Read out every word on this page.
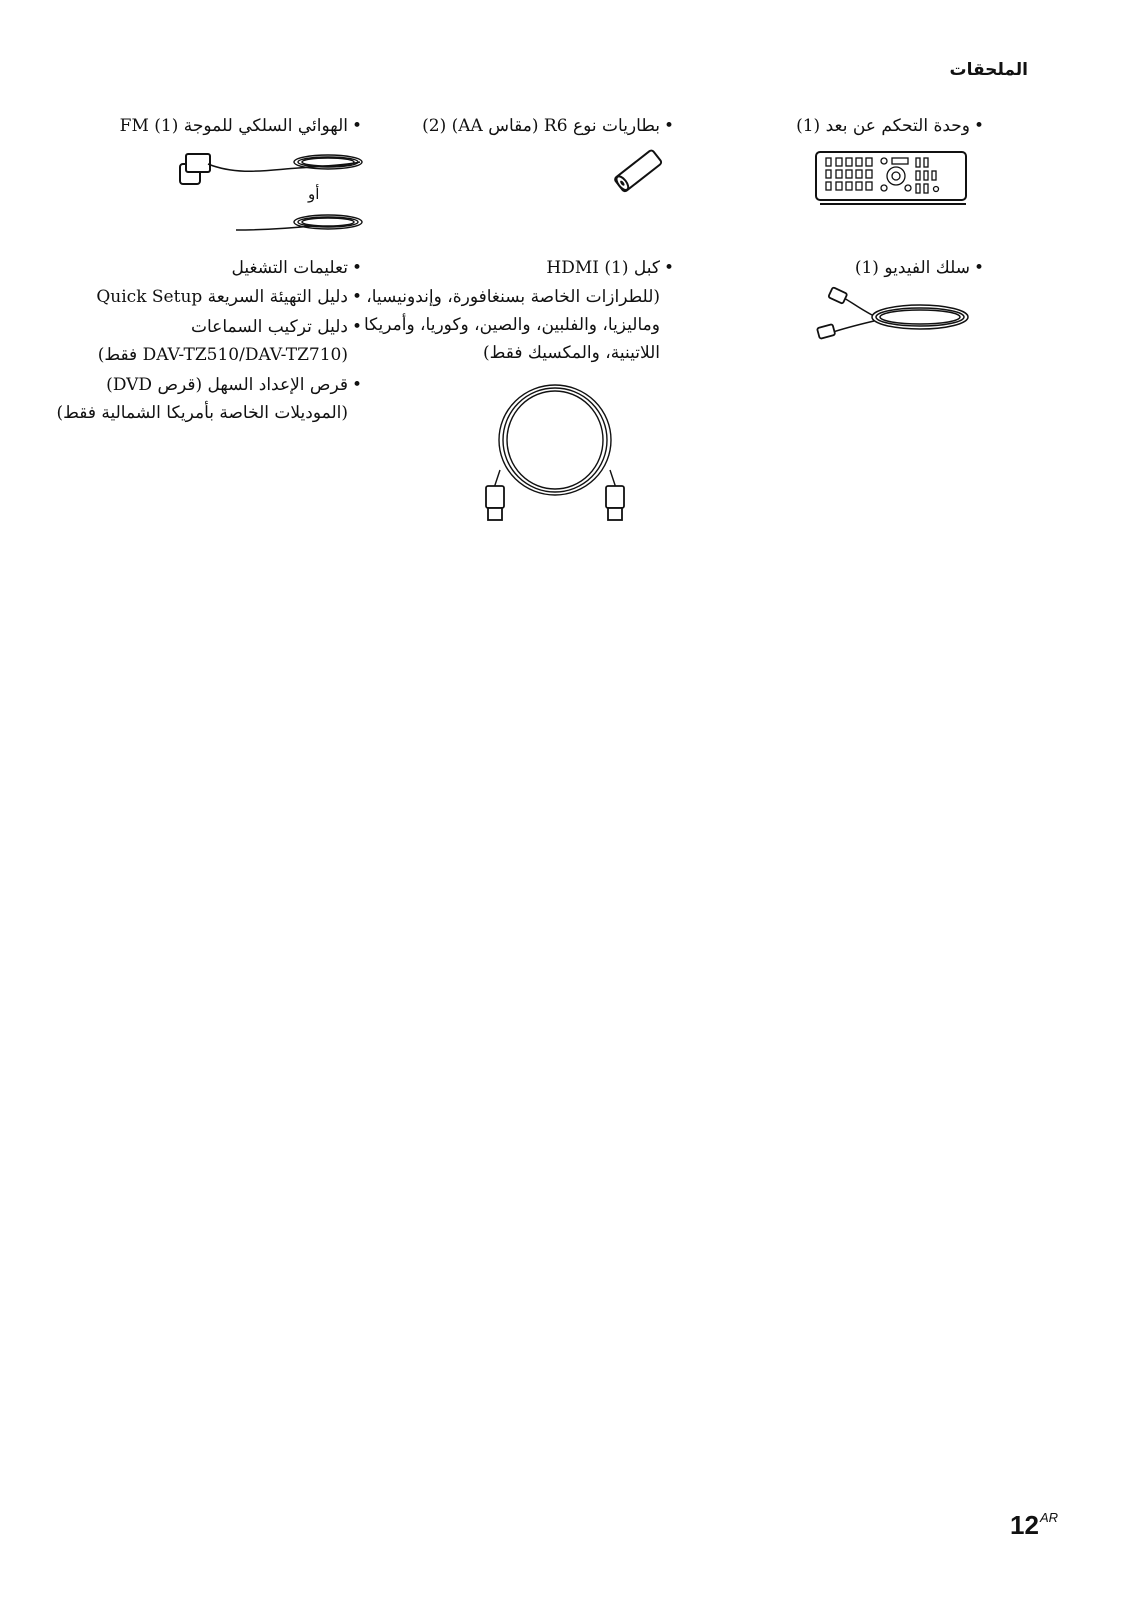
الملحقات
•وحدة التحكم عن بعد (1)
•بطاريات نوع R6 (مقاس AA) (2)
•الهوائي السلكي للموجة FM (1)
أو
•سلك الفيديو (1)
•كبل HDMI (1)
(للطرازات الخاصة بسنغافورة، وإندونيسيا،
وماليزيا، والفلبين، والصين، وكوريا، وأمريكا
اللاتينية، والمكسيك فقط)
•تعليمات التشغيل
•دليل التهيئة السريعة Quick Setup
•دليل تركيب السماعات
(DAV-TZ510/DAV-TZ710 فقط)
•قرص الإعداد السهل (قرص DVD)
(الموديلات الخاصة بأمريكا الشمالية فقط)
$12^{AR}$
